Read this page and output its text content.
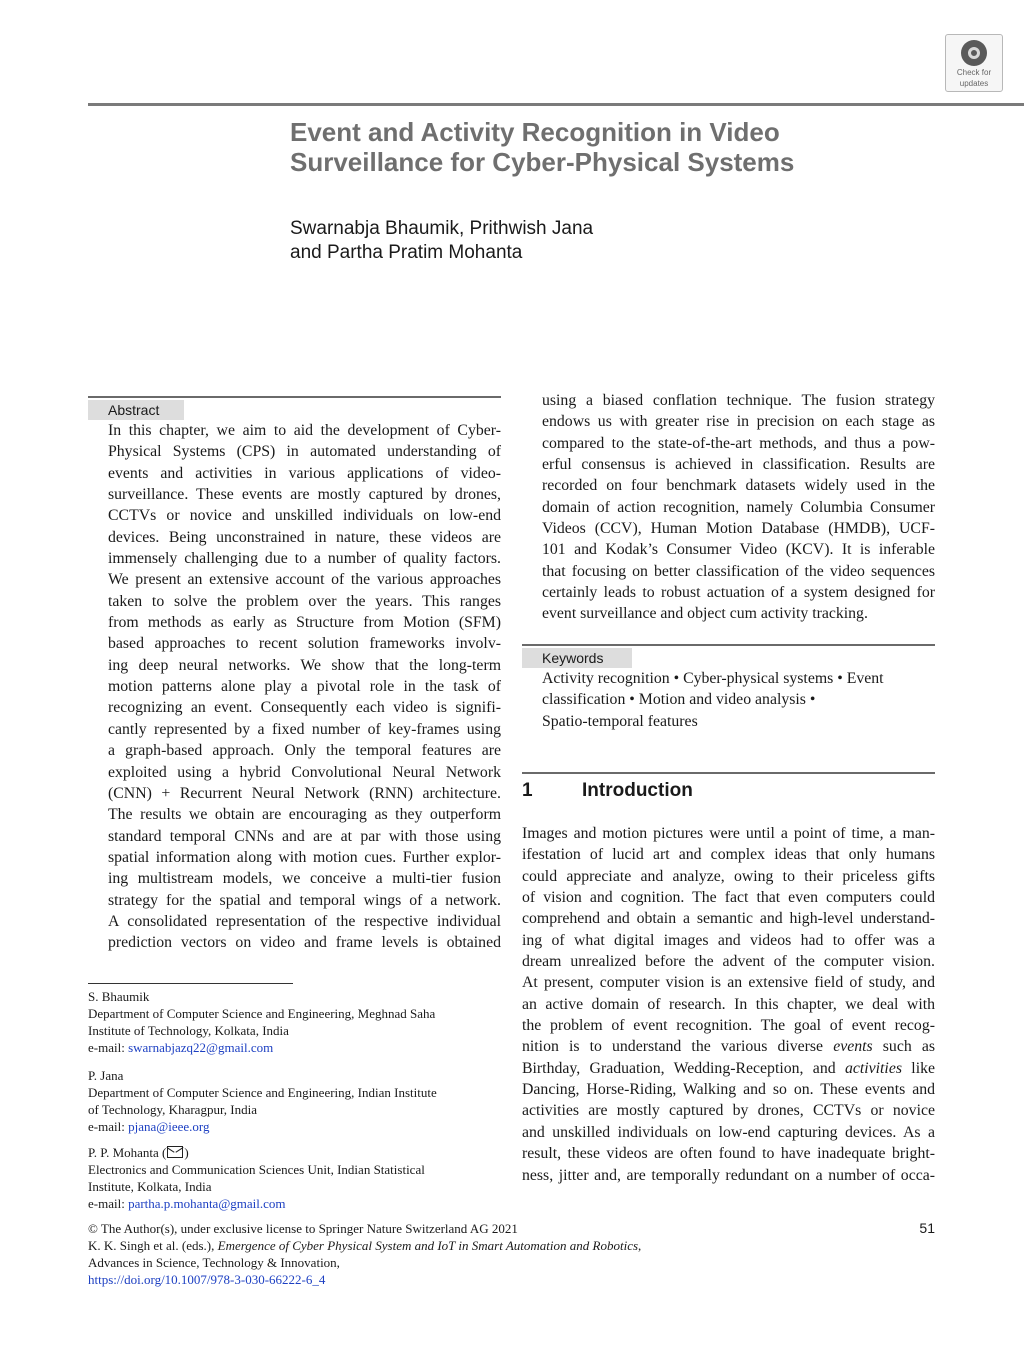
Check for
updates
Event and Activity Recognition in Video
Surveillance for Cyber-Physical Systems
Swarnabja Bhaumik, Prithwish Jana
and Partha Pratim Mohanta
Abstract
In this chapter, we aim to aid the development of Cyber-
Physical Systems (CPS) in automated understanding of
events and activities in various applications of video-
surveillance. These events are mostly captured by drones,
CCTVs or novice and unskilled individuals on low-end
devices. Being unconstrained in nature, these videos are
immensely challenging due to a number of quality factors.
We present an extensive account of the various approaches
taken to solve the problem over the years. This ranges
from methods as early as Structure from Motion (SFM)
based approaches to recent solution frameworks involv-
ing deep neural networks. We show that the long-term
motion patterns alone play a pivotal role in the task of
recognizing an event. Consequently each video is signifi-
cantly represented by a fixed number of key-frames using
a graph-based approach. Only the temporal features are
exploited using a hybrid Convolutional Neural Network
(CNN) + Recurrent Neural Network (RNN) architecture.
The results we obtain are encouraging as they outperform
standard temporal CNNs and are at par with those using
spatial information along with motion cues. Further explor-
ing multistream models, we conceive a multi-tier fusion
strategy for the spatial and temporal wings of a network.
A consolidated representation of the respective individual
prediction vectors on video and frame levels is obtained
using a biased conflation technique. The fusion strategy
endows us with greater rise in precision on each stage as
compared to the state-of-the-art methods, and thus a pow-
erful consensus is achieved in classification. Results are
recorded on four benchmark datasets widely used in the
domain of action recognition, namely Columbia Consumer
Videos (CCV), Human Motion Database (HMDB), UCF-
101 and Kodak’s Consumer Video (KCV). It is inferable
that focusing on better classification of the video sequences
certainly leads to robust actuation of a system designed for
event surveillance and object cum activity tracking.
Keywords
Activity recognition • Cyber-physical systems • Event
classification • Motion and video analysis •
Spatio-temporal features
1	Introduction
Images and motion pictures were until a point of time, a man-
ifestation of lucid art and complex ideas that only humans
could appreciate and analyze, owing to their priceless gifts
of vision and cognition. The fact that even computers could
comprehend and obtain a semantic and high-level understand-
ing of what digital images and videos had to offer was a
dream unrealized before the advent of the computer vision.
At present, computer vision is an extensive field of study, and
an active domain of research. In this chapter, we deal with
the problem of event recognition. The goal of event recog-
nition is to understand the various diverse events such as
Birthday, Graduation, Wedding-Reception, and activities like
Dancing, Horse-Riding, Walking and so on. These events and
activities are mostly captured by drones, CCTVs or novice
and unskilled individuals on low-end capturing devices. As a
result, these videos are often found to have inadequate bright-
ness, jitter and, are temporally redundant on a number of occa-
S. Bhaumik
Department of Computer Science and Engineering, Meghnad Saha
Institute of Technology, Kolkata, India
e-mail: swarnabjazq22@gmail.com
P. Jana
Department of Computer Science and Engineering, Indian Institute
of Technology, Kharagpur, India
e-mail: pjana@ieee.org
P. P. Mohanta ( )
Electronics and Communication Sciences Unit, Indian Statistical
Institute, Kolkata, India
e-mail: partha.p.mohanta@gmail.com
© The Author(s), under exclusive license to Springer Nature Switzerland AG 2021
K. K. Singh et al. (eds.), Emergence of Cyber Physical System and IoT in Smart Automation and Robotics,
Advances in Science, Technology & Innovation,
https://doi.org/10.1007/978-3-030-66222-6_4
51
